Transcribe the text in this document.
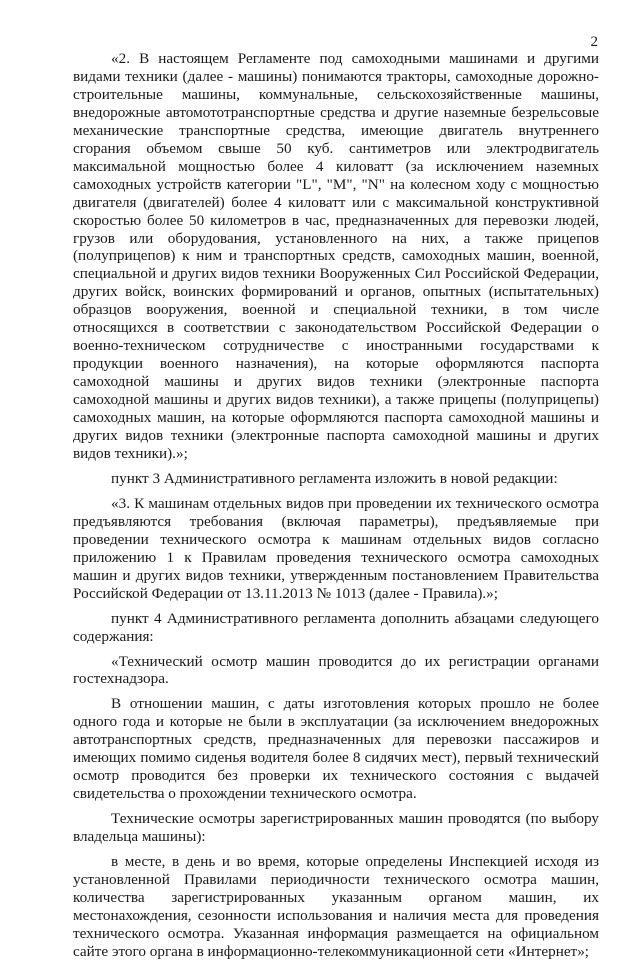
2

«2. В настоящем Регламенте под самоходными машинами и другими видами техники (далее - машины) понимаются тракторы, самоходные дорожно-строительные машины, коммунальные, сельскохозяйственные машины, внедорожные автомототранспортные средства и другие наземные безрельсовые механические транспортные средства, имеющие двигатель внутреннего сгорания объемом свыше 50 куб. сантиметров или электродвигатель максимальной мощностью более 4 киловатт (за исключением наземных самоходных устройств категории "L", "M", "N" на колесном ходу с мощностью двигателя (двигателей) более 4 киловатт или с максимальной конструктивной скоростью более 50 километров в час, предназначенных для перевозки людей, грузов или оборудования, установленного на них, а также прицепов (полуприцепов) к ним и транспортных средств, самоходных машин, военной, специальной и других видов техники Вооруженных Сил Российской Федерации, других войск, воинских формирований и органов, опытных (испытательных) образцов вооружения, военной и специальной техники, в том числе относящихся в соответствии с законодательством Российской Федерации о военно-техническом сотрудничестве с иностранными государствами к продукции военного назначения), на которые оформляются паспорта самоходной машины и других видов техники (электронные паспорта самоходной машины и других видов техники), а также прицепы (полуприцепы) самоходных машин, на которые оформляются паспорта самоходной машины и других видов техники (электронные паспорта самоходной машины и других видов техники).»;

пункт 3 Административного регламента изложить в новой редакции:

«3. К машинам отдельных видов при проведении их технического осмотра предъявляются требования (включая параметры), предъявляемые при проведении технического осмотра к машинам отдельных видов согласно приложению 1 к Правилам проведения технического осмотра самоходных машин и других видов техники, утвержденным постановлением Правительства Российской Федерации от 13.11.2013 № 1013 (далее - Правила).»;

пункт 4 Административного регламента дополнить абзацами следующего содержания:

«Технический осмотр машин проводится до их регистрации органами гостехнадзора.

В отношении машин, с даты изготовления которых прошло не более одного года и которые не были в эксплуатации (за исключением внедорожных автотранспортных средств, предназначенных для перевозки пассажиров и имеющих помимо сиденья водителя более 8 сидячих мест), первый технический осмотр проводится без проверки их технического состояния с выдачей свидетельства о прохождении технического осмотра.

Технические осмотры зарегистрированных машин проводятся (по выбору владельца машины):

в месте, в день и во время, которые определены Инспекцией исходя из установленной Правилами периодичности технического осмотра машин, количества зарегистрированных указанным органом машин, их местонахождения, сезонности использования и наличия места для проведения технического осмотра. Указанная информация размещается на официальном сайте этого органа в информационно-телекоммуникационной сети «Интернет»;
